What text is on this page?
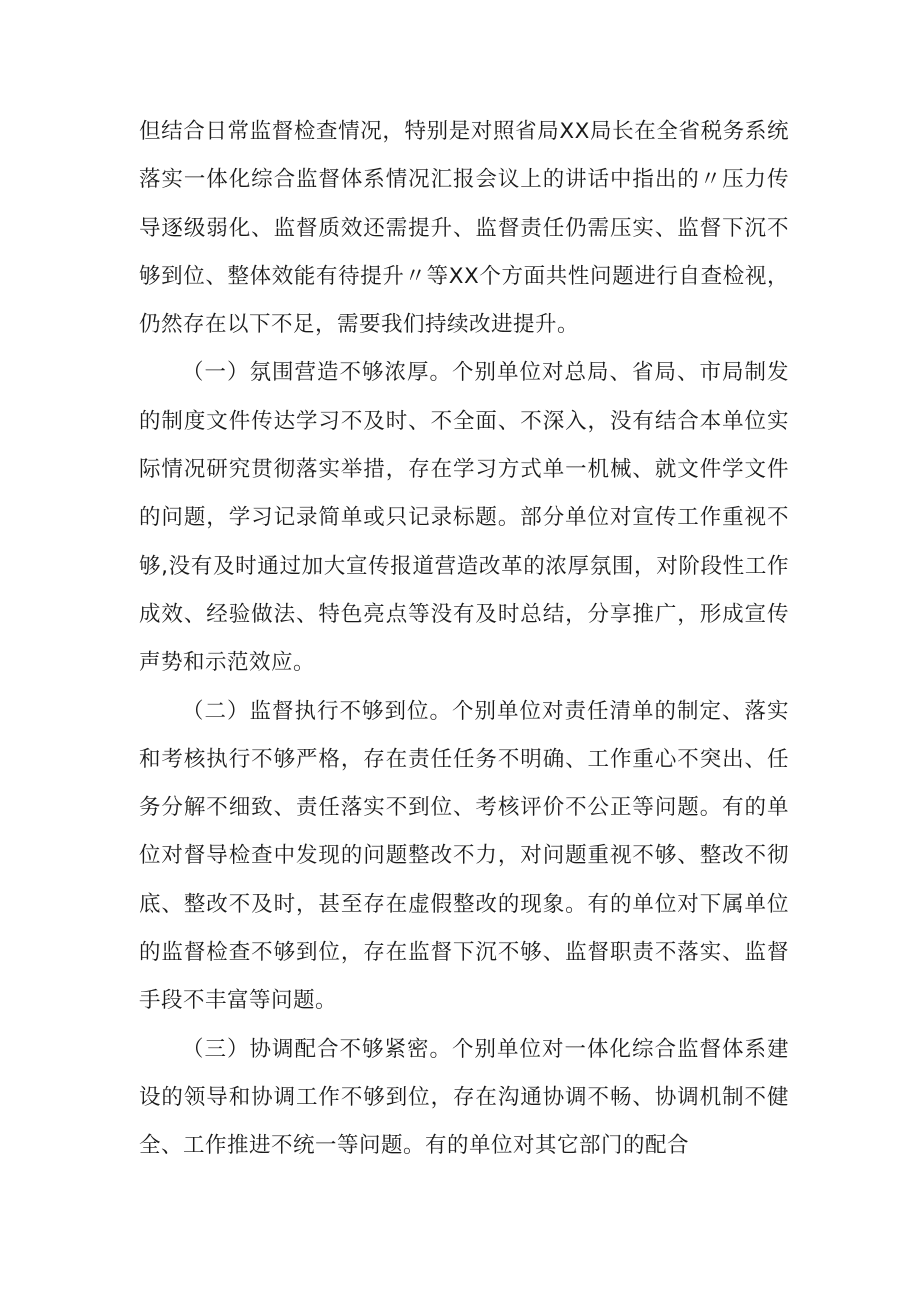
但结合日常监督检查情况，特别是对照省局XX局长在全省税务系统落实一体化综合监督体系情况汇报会议上的讲话中指出的〃压力传导逐级弱化、监督质效还需提升、监督责任仍需压实、监督下沉不够到位、整体效能有待提升〃等XX个方面共性问题进行自查检视，仍然存在以下不足，需要我们持续改进提升。

（一）氛围营造不够浓厚。个别单位对总局、省局、市局制发的制度文件传达学习不及时、不全面、不深入，没有结合本单位实际情况研究贯彻落实举措，存在学习方式单一机械、就文件学文件的问题，学习记录简单或只记录标题。部分单位对宣传工作重视不够,没有及时通过加大宣传报道营造改革的浓厚氛围，对阶段性工作成效、经验做法、特色亮点等没有及时总结，分享推广，形成宣传声势和示范效应。

（二）监督执行不够到位。个别单位对责任清单的制定、落实和考核执行不够严格，存在责任任务不明确、工作重心不突出、任务分解不细致、责任落实不到位、考核评价不公正等问题。有的单位对督导检查中发现的问题整改不力，对问题重视不够、整改不彻底、整改不及时，甚至存在虚假整改的现象。有的单位对下属单位的监督检查不够到位，存在监督下沉不够、监督职责不落实、监督手段不丰富等问题。

（三）协调配合不够紧密。个别单位对一体化综合监督体系建设的领导和协调工作不够到位，存在沟通协调不畅、协调机制不健全、工作推进不统一等问题。有的单位对其它部门的配合
